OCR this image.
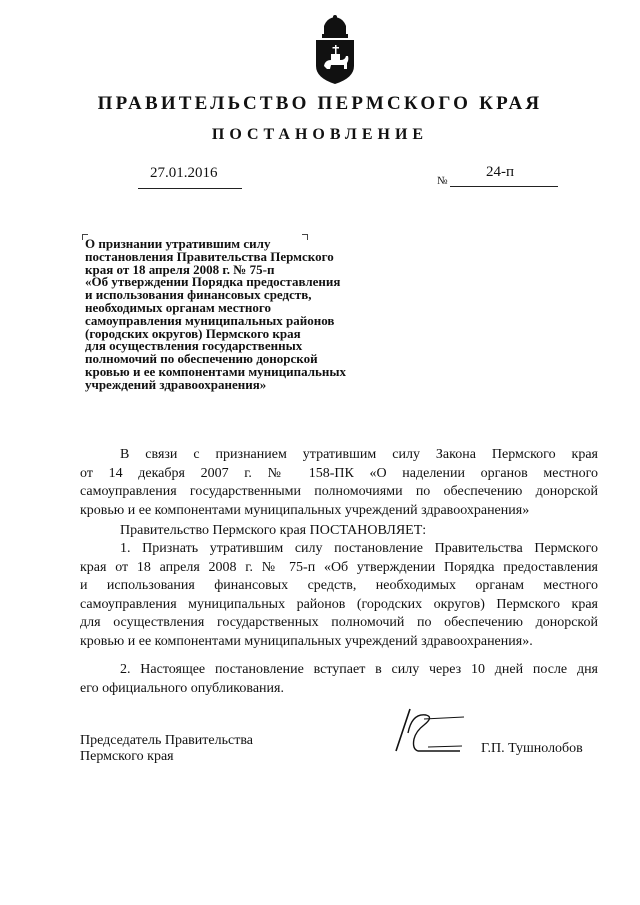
ПРАВИТЕЛЬСТВО ПЕРМСКОГО КРАЯ
ПОСТАНОВЛЕНИЕ
27.01.2016	№
24-п
О признании утратившим силу
постановления Правительства Пермского
края от 18 апреля 2008 г. № 75-п
«Об утверждении Порядка предоставления
и использования финансовых средств,
необходимых органам местного
самоуправления муниципальных районов
(городских округов) Пермского края
для осуществления государственных
полномочий по обеспечению донорской
кровью и ее компонентами муниципальных
учреждений здравоохранения»
В связи с признанием утратившим силу Закона Пермского края
от 14 декабря 2007 г. № 158-ПК «О наделении органов местного
самоуправления государственными полномочиями по обеспечению донорской
кровью и ее компонентами муниципальных учреждений здравоохранения»
Правительство Пермского края ПОСТАНОВЛЯЕТ:
1. Признать утратившим силу постановление Правительства Пермского
края от 18 апреля 2008 г. № 75-п «Об утверждении Порядка предоставления
и использования финансовых средств, необходимых органам местного
самоуправления муниципальных районов (городских округов) Пермского края
для осуществления государственных полномочий по обеспечению донорской
кровью и ее компонентами муниципальных учреждений здравоохранения».
2. Настоящее постановление вступает в силу через 10 дней после дня
его официального опубликования.
Председатель Правительства
Пермского края
Г.П. Тушнолобов
